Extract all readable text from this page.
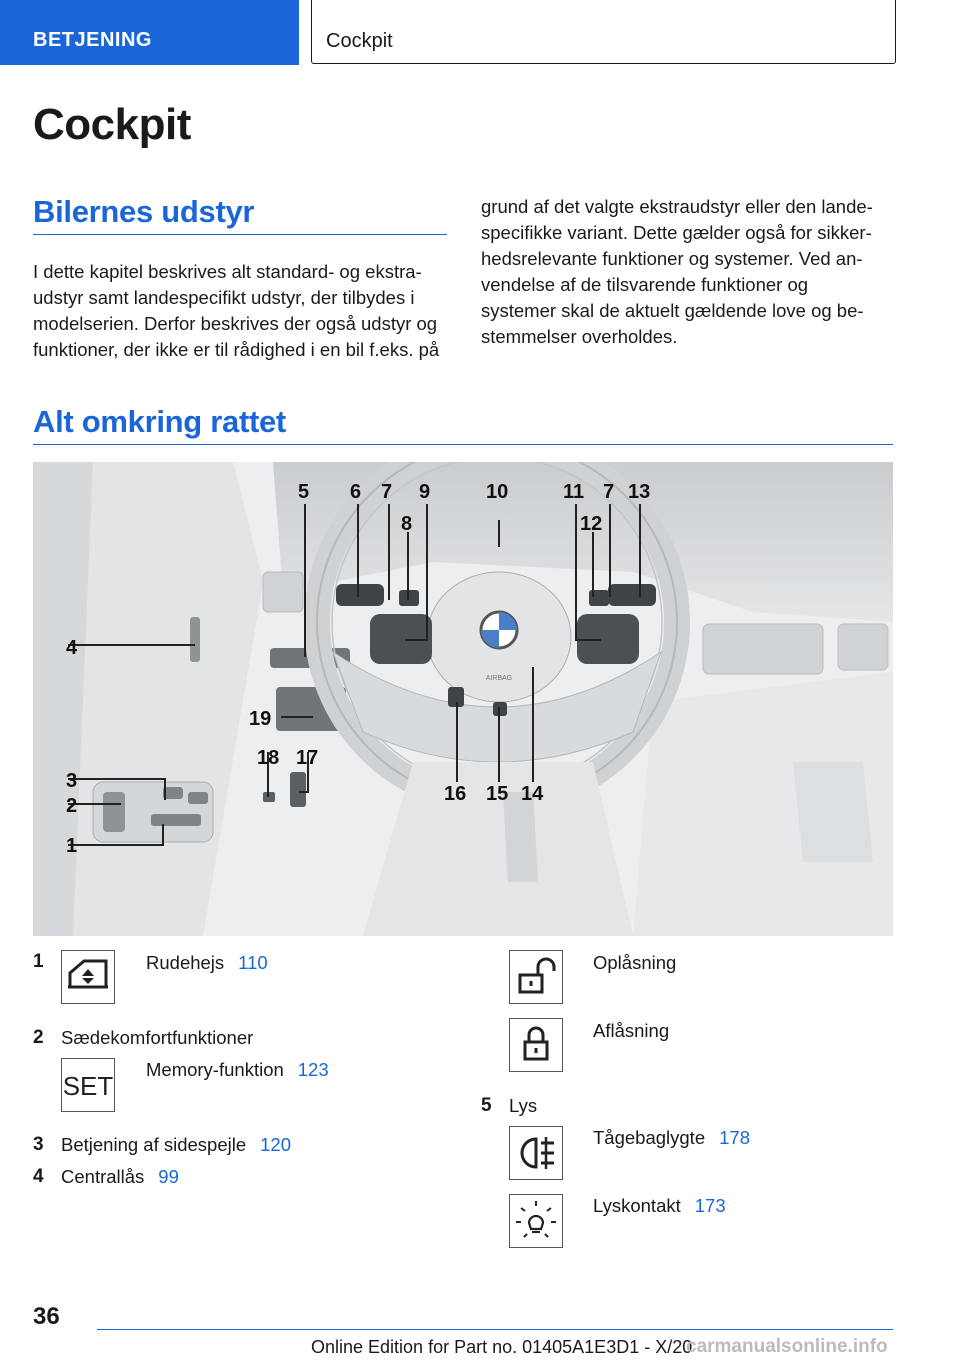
BETJENING	Cockpit
Cockpit
Bilernes udstyr

I dette kapitel beskrives alt standard- og ekstraudstyr samt landespecifikt udstyr, der tilbydes i modelserien. Derfor beskrives der også udstyr og funktioner, der ikke er til rådighed i en bil f.eks. på

grund af det valgte ekstraudstyr eller den landespecifikke variant. Dette gælder også for sikkerhedsrelevante funktioner og systemer. Ved anvendelse af de tilsvarende funktioner og systemer skal de aktuelt gældende love og bestemmelser overholdes.

Alt omkring rattet
AIRBAG
1
2
3
4
5 6 7
8
9	10	11
12
7 13
14
15
16
17
18
19
1	Rudehejs 110
2 Sædekomfortfunktioner
SET
Memory-funktion 123
3 Betjening af sidespejle 120
4 Centrallås 99
Oplåsning
Aflåsning
5 Lys
Tågebaglygte 178
Lyskontakt 173
36
Online Edition for Part no. 01405A1E3D1 - X/20
carmanualsonline.info
